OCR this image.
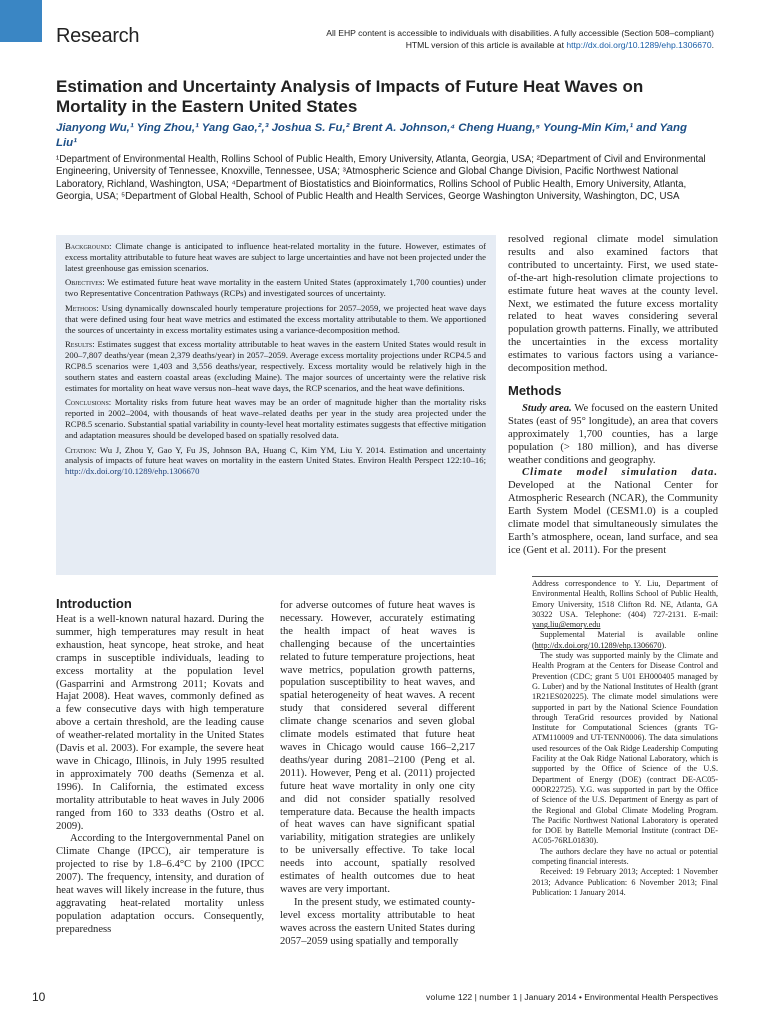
Research	All EHP content is accessible to individuals with disabilities. A fully accessible (Section 508–compliant)
HTML version of this article is available at http://dx.doi.org/10.1289/ehp.1306670.
Estimation and Uncertainty Analysis of Impacts of Future Heat Waves on Mortality in the Eastern United States
Jianyong Wu,¹ Ying Zhou,¹ Yang Gao,²,³ Joshua S. Fu,² Brent A. Johnson,⁴ Cheng Huang,⁵ Young-Min Kim,¹ and Yang Liu¹
¹Department of Environmental Health, Rollins School of Public Health, Emory University, Atlanta, Georgia, USA; ²Department of Civil and Environmental Engineering, University of Tennessee, Knoxville, Tennessee, USA; ³Atmospheric Science and Global Change Division, Pacific Northwest National Laboratory, Richland, Washington, USA; ⁴Department of Biostatistics and Bioinformatics, Rollins School of Public Health, Emory University, Atlanta, Georgia, USA; ⁵Department of Global Health, School of Public Health and Health Services, George Washington University, Washington, DC, USA

Background: Climate change is anticipated to influence heat-related mortality in the future. However, estimates of excess mortality attributable to future heat waves are subject to large uncertainties and have not been projected under the latest greenhouse gas emission scenarios.

Objectives: We estimated future heat wave mortality in the eastern United States (approximately 1,700 counties) under two Representative Concentration Pathways (RCPs) and investigated sources of uncertainty.

Methods: Using dynamically downscaled hourly temperature projections for 2057–2059, we projected heat wave days that were defined using four heat wave metrics and estimated the excess mortality attributable to them. We apportioned the sources of uncertainty in excess mortality estimates using a variance-decomposition method.

Results: Estimates suggest that excess mortality attributable to heat waves in the eastern United States would result in 200–7,807 deaths/year (mean 2,379 deaths/year) in 2057–2059. Average excess mortality projections under RCP4.5 and RCP8.5 scenarios were 1,403 and 3,556 deaths/year, respectively. Excess mortality would be relatively high in the southern states and eastern coastal areas (excluding Maine). The major sources of uncertainty were the relative risk estimates for mortality on heat wave versus non–heat wave days, the RCP scenarios, and the heat wave definitions.

Conclusions: Mortality risks from future heat waves may be an order of magnitude higher than the mortality risks reported in 2002–2004, with thousands of heat wave–related deaths per year in the study area projected under the RCP8.5 scenario. Substantial spatial variability in county-level heat mortality estimates suggests that effective mitigation and adaptation measures should be developed based on spatially resolved data.

Citation: Wu J, Zhou Y, Gao Y, Fu JS, Johnson BA, Huang C, Kim YM, Liu Y. 2014. Estimation and uncertainty analysis of impacts of future heat waves on mortality in the eastern United States. Environ Health Perspect 122:10–16; http://dx.doi.org/10.1289/ehp.1306670

resolved regional climate model simulation results and also examined factors that contributed to uncertainty. First, we used state-of-the-art high-resolution climate projections to estimate future heat waves at the county level. Next, we estimated the future excess mortality related to heat waves considering several population growth patterns. Finally, we attributed the uncertainties in the excess mortality estimates to various factors using a variance-decomposition method.

Methods

Study area. We focused on the eastern United States (east of 95° longitude), an area that covers approximately 1,700 counties, has a large population (> 180 million), and has diverse weather conditions and geography.

Climate model simulation data. Developed at the National Center for Atmospheric Research (NCAR), the Community Earth System Model (CESM1.0) is a coupled climate model that simultaneously simulates the Earth’s atmosphere, ocean, land surface, and sea ice (Gent et al. 2011). For the present

Introduction

Heat is a well-known natural hazard. During the summer, high temperatures may result in heat exhaustion, heat syncope, heat stroke, and heat cramps in susceptible individuals, leading to excess mortality at the population level (Gasparrini and Armstrong 2011; Kovats and Hajat 2008). Heat waves, commonly defined as a few consecutive days with high temperature above a certain threshold, are the leading cause of weather-related mortality in the United States (Davis et al. 2003). For example, the severe heat wave in Chicago, Illinois, in July 1995 resulted in approximately 700 deaths (Semenza et al. 1996). In California, the estimated excess mortality attributable to heat waves in July 2006 ranged from 160 to 333 deaths (Ostro et al. 2009).

According to the Intergovernmental Panel on Climate Change (IPCC), air temperature is projected to rise by 1.8–6.4°C by 2100 (IPCC 2007). The frequency, intensity, and duration of heat waves will likely increase in the future, thus aggravating heat-related mortality unless population adaptation occurs. Consequently, preparedness

for adverse outcomes of future heat waves is necessary. However, accurately estimating the health impact of heat waves is challenging because of the uncertainties related to future temperature projections, heat wave metrics, population growth patterns, population susceptibility to heat waves, and spatial heterogeneity of heat waves. A recent study that considered several different climate change scenarios and seven global climate models estimated that future heat waves in Chicago would cause 166–2,217 deaths/year during 2081–2100 (Peng et al. 2011). However, Peng et al. (2011) projected future heat wave mortality in only one city and did not consider spatially resolved temperature data. Because the health impacts of heat waves can have significant spatial variability, mitigation strategies are unlikely to be universally effective. To take local needs into account, spatially resolved estimates of health outcomes due to heat waves are very important.

In the present study, we estimated county-level excess mortality attributable to heat waves across the eastern United States during 2057–2059 using spatially and temporally

Address correspondence to Y. Liu, Department of Environmental Health, Rollins School of Public Health, Emory University, 1518 Clifton Rd. NE, Atlanta, GA 30322 USA. Telephone: (404) 727-2131. E-mail: yang.liu@emory.edu

Supplemental Material is available online (http://dx.doi.org/10.1289/ehp.1306670).

The study was supported mainly by the Climate and Health Program at the Centers for Disease Control and Prevention (CDC; grant 5 U01 EH000405 managed by G. Luber) and by the National Institutes of Health (grant 1R21ES020225). The climate model simulations were supported in part by the National Science Foundation through TeraGrid resources provided by National Institute for Computational Sciences (grants TG-ATM110009 and UT-TENN0006). The data simulations used resources of the Oak Ridge Leadership Computing Facility at the Oak Ridge National Laboratory, which is supported by the Office of Science of the U.S. Department of Energy (DOE) (contract DE-AC05-00OR22725). Y.G. was supported in part by the Office of Science of the U.S. Department of Energy as part of the Regional and Global Climate Modeling Program. The Pacific Northwest National Laboratory is operated for DOE by Battelle Memorial Institute (contract DE-AC05-76RL01830).

The authors declare they have no actual or potential competing financial interests.

Received: 19 February 2013; Accepted: 1 November 2013; Advance Publication: 6 November 2013; Final Publication: 1 January 2014.

10	volume 122 | number 1 | January 2014 • Environmental Health Perspectives
